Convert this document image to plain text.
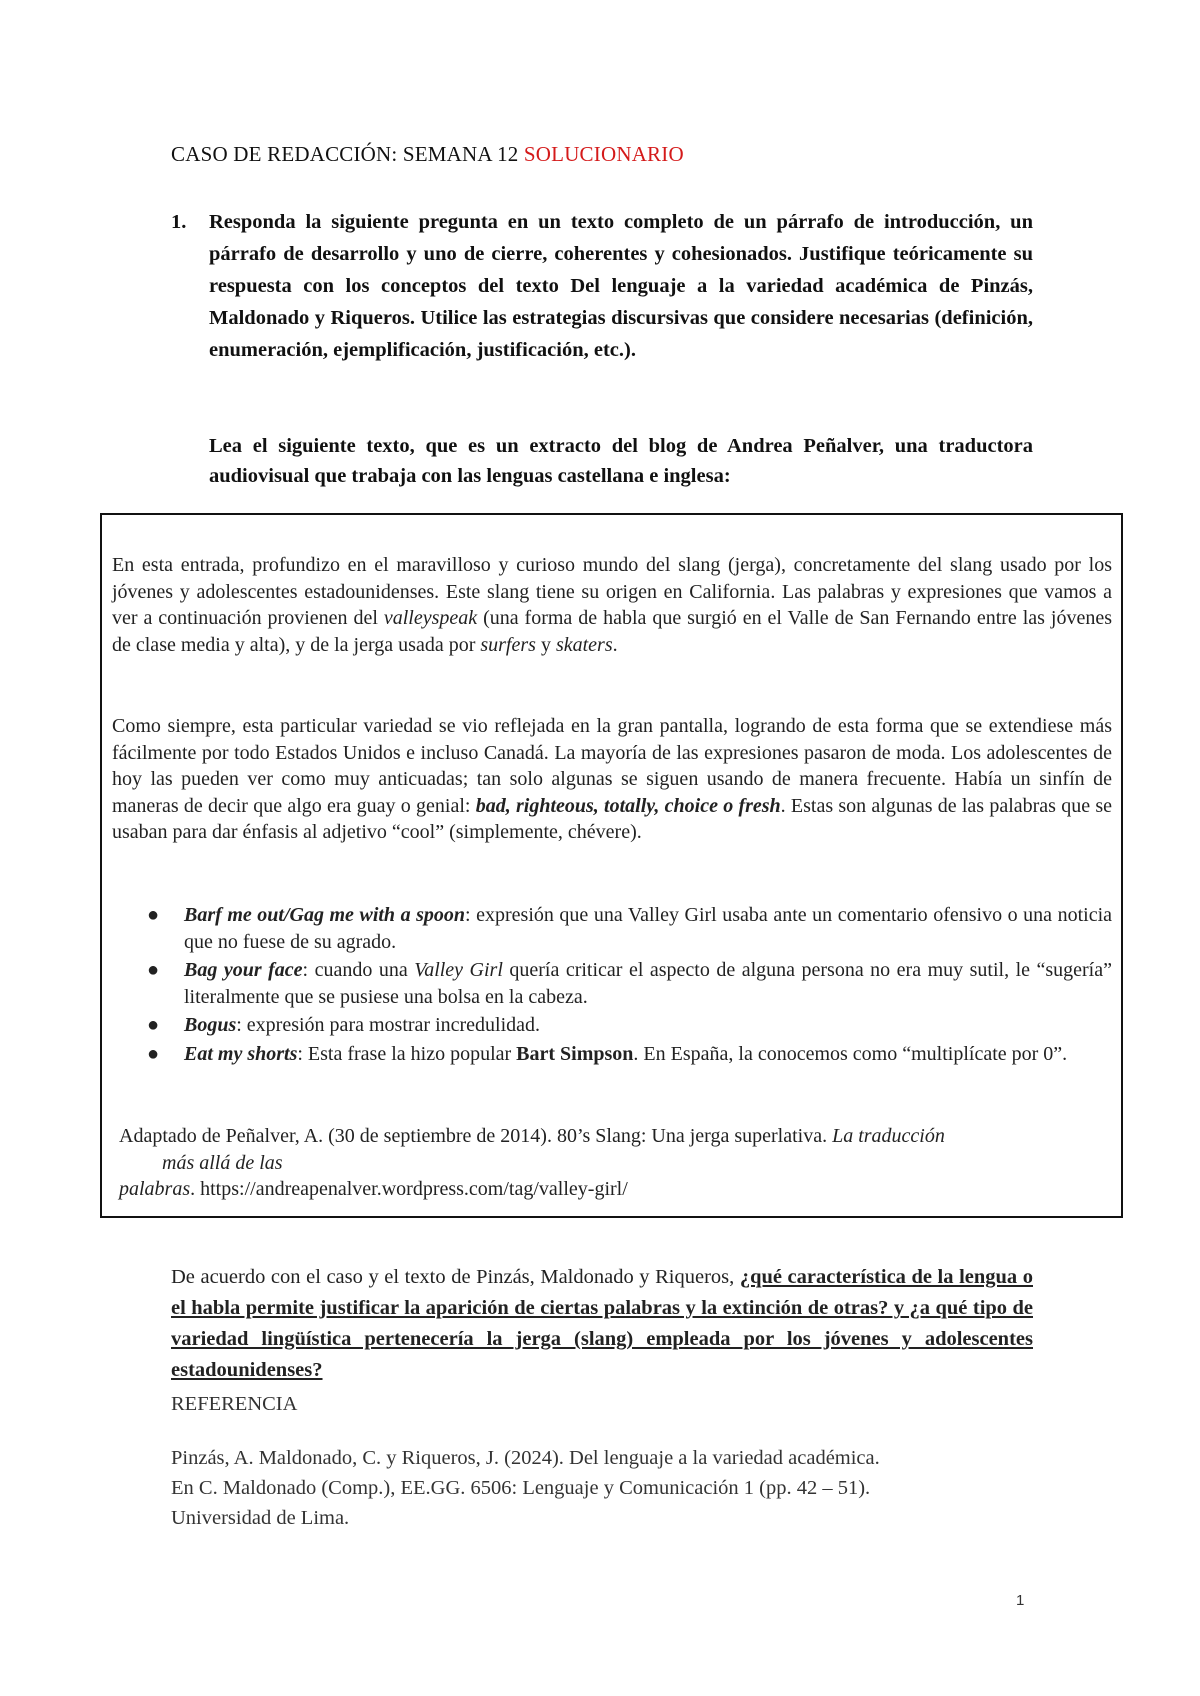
CASO DE REDACCIÓN: SEMANA 12 SOLUCIONARIO
1. Responda la siguiente pregunta en un texto completo de un párrafo de introducción, un párrafo de desarrollo y uno de cierre, coherentes y cohesionados. Justifique teóricamente su respuesta con los conceptos del texto Del lenguaje a la variedad académica de Pinzás, Maldonado y Riqueros. Utilice las estrategias discursivas que considere necesarias (definición, enumeración, ejemplificación, justificación, etc.).
Lea el siguiente texto, que es un extracto del blog de Andrea Peñalver, una traductora audiovisual que trabaja con las lenguas castellana e inglesa:

En esta entrada, profundizo en el maravilloso y curioso mundo del slang (jerga), concretamente del slang usado por los jóvenes y adolescentes estadounidenses. Este slang tiene su origen en California. Las palabras y expresiones que vamos a ver a continuación provienen del valleyspeak (una forma de habla que surgió en el Valle de San Fernando entre las jóvenes de clase media y alta), y de la jerga usada por surfers y skaters.

Como siempre, esta particular variedad se vio reflejada en la gran pantalla, logrando de esta forma que se extendiese más fácilmente por todo Estados Unidos e incluso Canadá. La mayoría de las expresiones pasaron de moda. Los adolescentes de hoy las pueden ver como muy anticuadas; tan solo algunas se siguen usando de manera frecuente. Había un sinfín de maneras de decir que algo era guay o genial: bad, righteous, totally, choice o fresh. Estas son algunas de las palabras que se usaban para dar énfasis al adjetivo “cool” (simplemente, chévere).

● Barf me out/Gag me with a spoon: expresión que una Valley Girl usaba ante un comentario ofensivo o una noticia que no fuese de su agrado.
● Bag your face: cuando una Valley Girl quería criticar el aspecto de alguna persona no era muy sutil, le “sugería” literalmente que se pusiese una bolsa en la cabeza.
● Bogus: expresión para mostrar incredulidad.
● Eat my shorts: Esta frase la hizo popular Bart Simpson. En España, la conocemos como “multiplícate por 0”.
Adaptado de Peñalver, A. (30 de septiembre de 2014). 80’s Slang: Una jerga superlativa. La traducción
más allá de las
palabras. https://andreapenalver.wordpress.com/tag/valley-girl/
De acuerdo con el caso y el texto de Pinzás, Maldonado y Riqueros, ¿qué característica de la lengua o el habla permite justificar la aparición de ciertas palabras y la extinción de otras? y ¿a qué tipo de variedad lingüística pertenecería la jerga (slang) empleada por los jóvenes y adolescentes estadounidenses?
REFERENCIA
Pinzás, A. Maldonado, C. y Riqueros, J. (2024). Del lenguaje a la variedad académica.
En C. Maldonado (Comp.), EE.GG. 6506: Lenguaje y Comunicación 1 (pp. 42 – 51).
Universidad de Lima.
1
